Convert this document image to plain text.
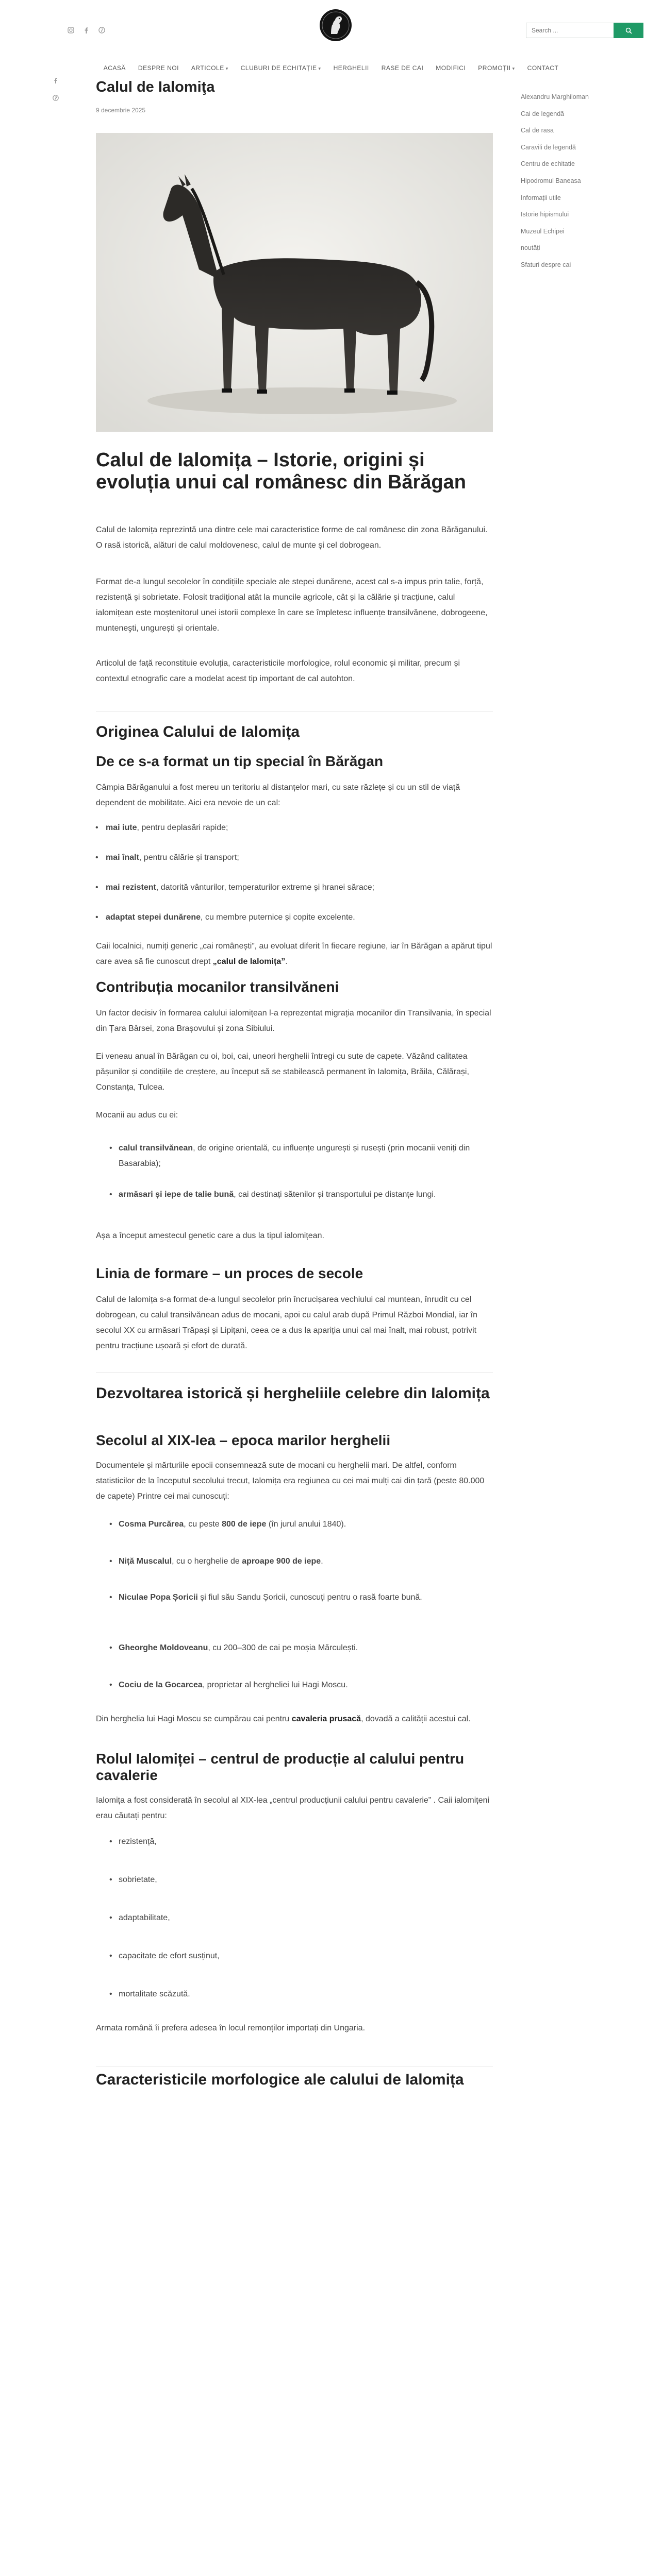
Search ...
ACASĂ	DESPRE NOI	ARTICOLE ▾	CLUBURI DE ECHITAȚIE ▾	HERGHELII	RASE DE CAI	MODIFICI	PROMOȚII ▾	CONTACT
Calul de Ialomiţa
9 decembrie 2025
Calul de Ialomița – Istorie, origini și evoluția unui cal românesc din Bărăgan

Calul de Ialomița reprezintă una dintre cele mai caracteristice forme de cal românesc din zona Bărăganului. O rasă istorică, alături de calul moldovenesc, calul de munte și cel dobrogean.

Format de-a lungul secolelor în condițiile speciale ale stepei dunărene, acest cal s-a impus prin talie, forță, rezistență și sobrietate. Folosit tradițional atât la muncile agricole, cât și la călărie și tracțiune, calul ialomițean este moștenitorul unei istorii complexe în care se împletesc influențe transilvănene, dobrogeene, munteneşti, ungurești și orientale.

Articolul de față reconstituie evoluția, caracteristicile morfologice, rolul economic și militar, precum și contextul etnografic care a modelat acest tip important de cal autohton.

Originea Calului de Ialomița
De ce s-a format un tip special în Bărăgan

Câmpia Bărăganului a fost mereu un teritoriu al distanțelor mari, cu sate răzlețe și cu un stil de viață dependent de mobilitate. Aici era nevoie de un cal:

• mai iute, pentru deplasări rapide;

• mai înalt, pentru călărie și transport;

• mai rezistent, datorită vânturilor, temperaturilor extreme și hranei sărace;

• adaptat stepei dunărene, cu membre puternice și copite excelente.

Caii localnici, numiți generic „cai românești”, au evoluat diferit în fiecare regiune, iar în Bărăgan a apărut tipul care avea să fie cunoscut drept „calul de Ialomița”.

Contribuția mocanilor transilvăneni

Un factor decisiv în formarea calului ialomițean l-a reprezentat migrația mocanilor din Transilvania, în special din Țara Bârsei, zona Brașovului și zona Sibiului.

Ei veneau anual în Bărăgan cu oi, boi, cai, uneori herghelii întregi cu sute de capete. Văzând calitatea pășunilor și condițiile de creștere, au început să se stabilească permanent în Ialomița, Brăila, Călărași, Constanța, Tulcea.

Mocanii au adus cu ei:

• calul transilvănean, de origine orientală, cu influențe ungurești și rusești (prin mocanii veniți din Basarabia);

• armăsari și iepe de talie bună, cai destinați sătenilor și transportului pe distanțe lungi.

Așa a început amestecul genetic care a dus la tipul ialomițean.

Linia de formare – un proces de secole

Calul de Ialomița s-a format de-a lungul secolelor prin încrucișarea vechiului cal muntean, înrudit cu cel dobrogean, cu calul transilvănean adus de mocani, apoi cu calul arab după Primul Război Mondial, iar în secolul XX cu armăsari Trăpași și Lipițani, ceea ce a dus la apariția unui cal mai înalt, mai robust, potrivit pentru tracțiune ușoară și efort de durată.

Dezvoltarea istorică și hergheliile celebre din Ialomița
Secolul al XIX-lea – epoca marilor herghelii

Documentele și mărturiile epocii consemnează sute de mocani cu herghelii mari. De altfel, conform statisticilor de la începutul secolului trecut, Ialomița era regiunea cu cei mai mulți cai din țară (peste 80.000 de capete) Printre cei mai cunoscuți:

• Cosma Purcărea, cu peste 800 de iepe (în jurul anului 1840).

• Niță Muscalul, cu o herghelie de aproape 900 de iepe.

• Niculae Popa Șoricii și fiul său Sandu Șoricii, cunoscuți pentru o rasă foarte bună.

• Gheorghe Moldoveanu, cu 200–300 de cai pe moșia Mărculești.

• Cociu de la Gocarcea, proprietar al hergheliei lui Hagi Moscu.

Din herghelia lui Hagi Moscu se cumpărau cai pentru cavaleria prusacă, dovadă a calității acestui cal.

Rolul Ialomiței – centrul de producție al calului pentru cavalerie

Ialomița a fost considerată în secolul al XIX-lea „centrul producțiunii calului pentru cavalerie” . Caii ialomițeni erau căutați pentru:

• rezistență,

• sobrietate,

• adaptabilitate,

• capacitate de efort susținut,

• mortalitate scăzută.

Armata română îi prefera adesea în locul remonților importați din Ungaria.

Caracteristicile morfologice ale calului de Ialomița

Alexandru Marghiloman
Cai de legendă
Cal de rasa
Caravili de legendă
Centru de echitatie
Hipodromul Baneasa
Informații utile
Istorie hipismului
Muzeul Echipei
noutăți
Sfaturi despre cai
